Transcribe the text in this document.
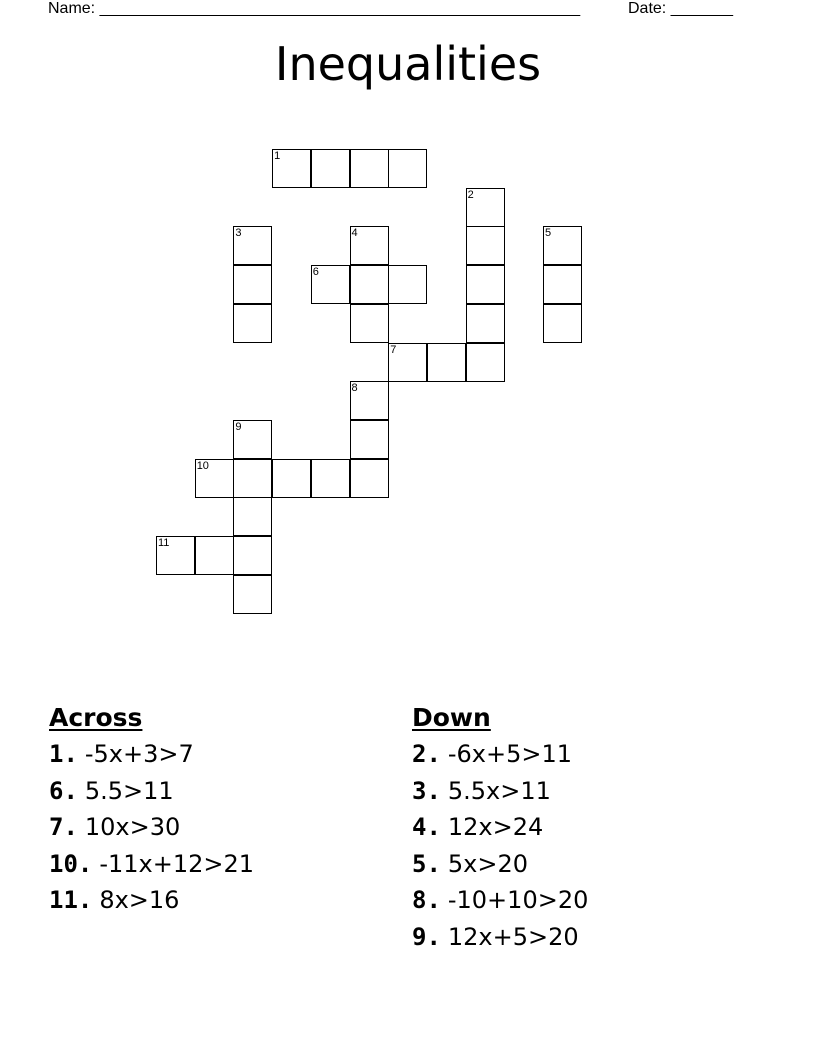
Name: ______________________________________________________	Date: _______
Inequalities
1
2
3	4	5
6
7
8
9
10
11
Across
1. -5x+3>7
6. 5.5>11
7. 10x>30
10. -11x+12>21
11. 8x>16
Down
2. -6x+5>11
3. 5.5x>11
4. 12x>24
5. 5x>20
8. -10+10>20
9. 12x+5>20
